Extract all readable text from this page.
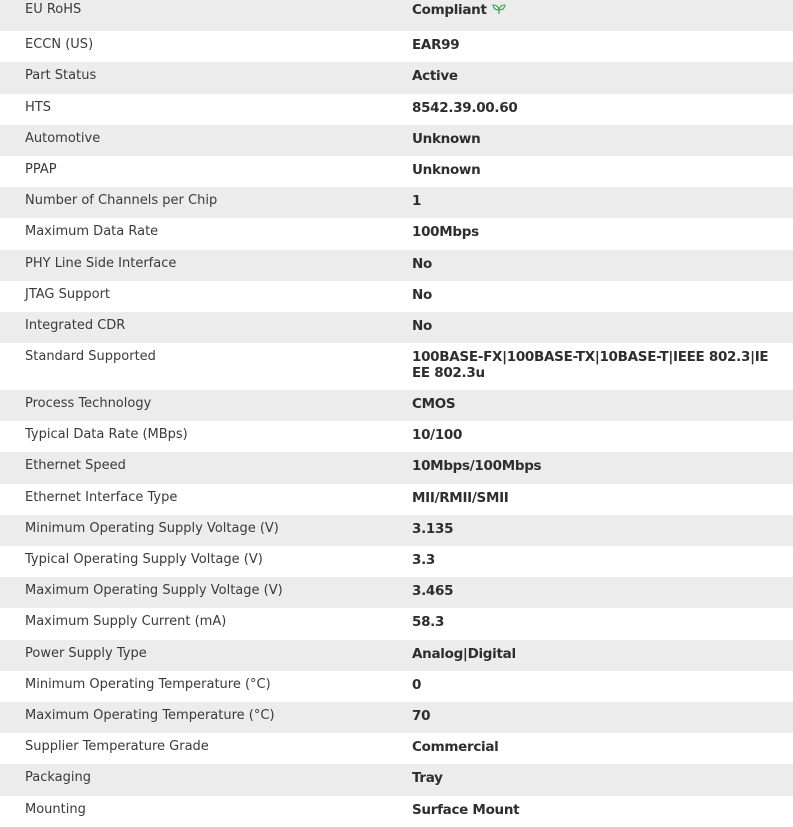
EU RoHS	Compliant
ECCN (US)	EAR99
Part Status	Active
HTS	8542.39.00.60
Automotive	Unknown
PPAP	Unknown
Number of Channels per Chip	1
Maximum Data Rate	100Mbps
PHY Line Side Interface	No
JTAG Support	No
Integrated CDR	No
Standard Supported	100BASE-FX|100BASE-TX|10BASE-T|IEEE 802.3|IEEE 802.3u
Process Technology	CMOS
Typical Data Rate (MBps)	10/100
Ethernet Speed	10Mbps/100Mbps
Ethernet Interface Type	MII/RMII/SMII
Minimum Operating Supply Voltage (V)	3.135
Typical Operating Supply Voltage (V)	3.3
Maximum Operating Supply Voltage (V)	3.465
Maximum Supply Current (mA)	58.3
Power Supply Type	Analog|Digital
Minimum Operating Temperature (°C)	0
Maximum Operating Temperature (°C)	70
Supplier Temperature Grade	Commercial
Packaging	Tray
Mounting	Surface Mount
